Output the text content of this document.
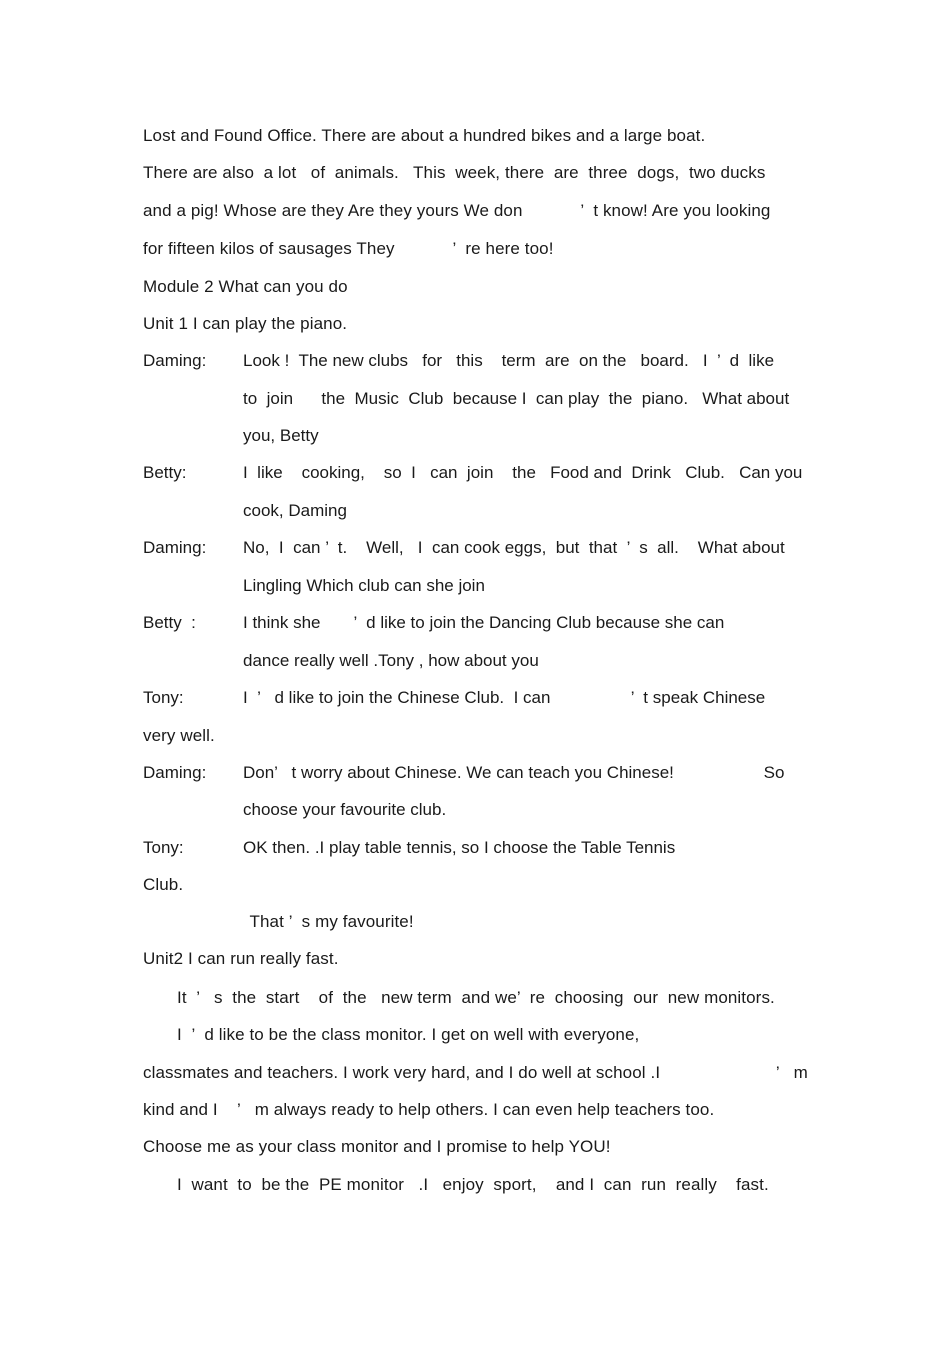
Lost and Found Office. There are about a hundred bikes and a large boat.
There are also  a lot   of  animals.   This  week, there  are  three  dogs,  two ducks
and a pig! Whose are they Are they yours We don            ’  t know! Are you looking
for fifteen kilos of sausages They            ’  re here too!
Module 2 What can you do
Unit 1 I can play the piano.
Daming: Look !  The new clubs   for   this    term  are  on the   board.   I  ’  d  like
to  join      the  Music  Club  because I  can play  the  piano.   What about
you, Betty
Betty:	I  like    cooking,    so  I   can  join    the   Food and  Drink   Club.   Can you
cook, Daming
Daming: No,  I  can ’  t.    Well,   I  can cook eggs,  but  that  ’  s  all.    What about
Lingling Which club can she join
Betty  :	I think she       ’  d like to join the Dancing Club because she can
dance really well .Tony , how about you
Tony:	I  ’   d like to join the Chinese Club.  I can                 ’  t speak Chinese
very well.
Daming: Don’   t worry about Chinese. We can teach you Chinese!                   So
choose your favourite club.
Tony:	OK then. .I play table tennis, so I choose the Table Tennis
Club.
That ’  s my favourite!
Unit2 I can run really fast.
It  ’   s  the  start    of  the   new term  and we’  re  choosing  our  new monitors.
I  ’  d like to be the class monitor. I get on well with everyone,
classmates and teachers. I work very hard, and I do well at school .I                        ’   m
kind and I    ’   m always ready to help others. I can even help teachers too.
Choose me as your class monitor and I promise to help YOU!
I  want  to  be the  PE monitor   .I   enjoy  sport,    and I  can  run  really    fast.
